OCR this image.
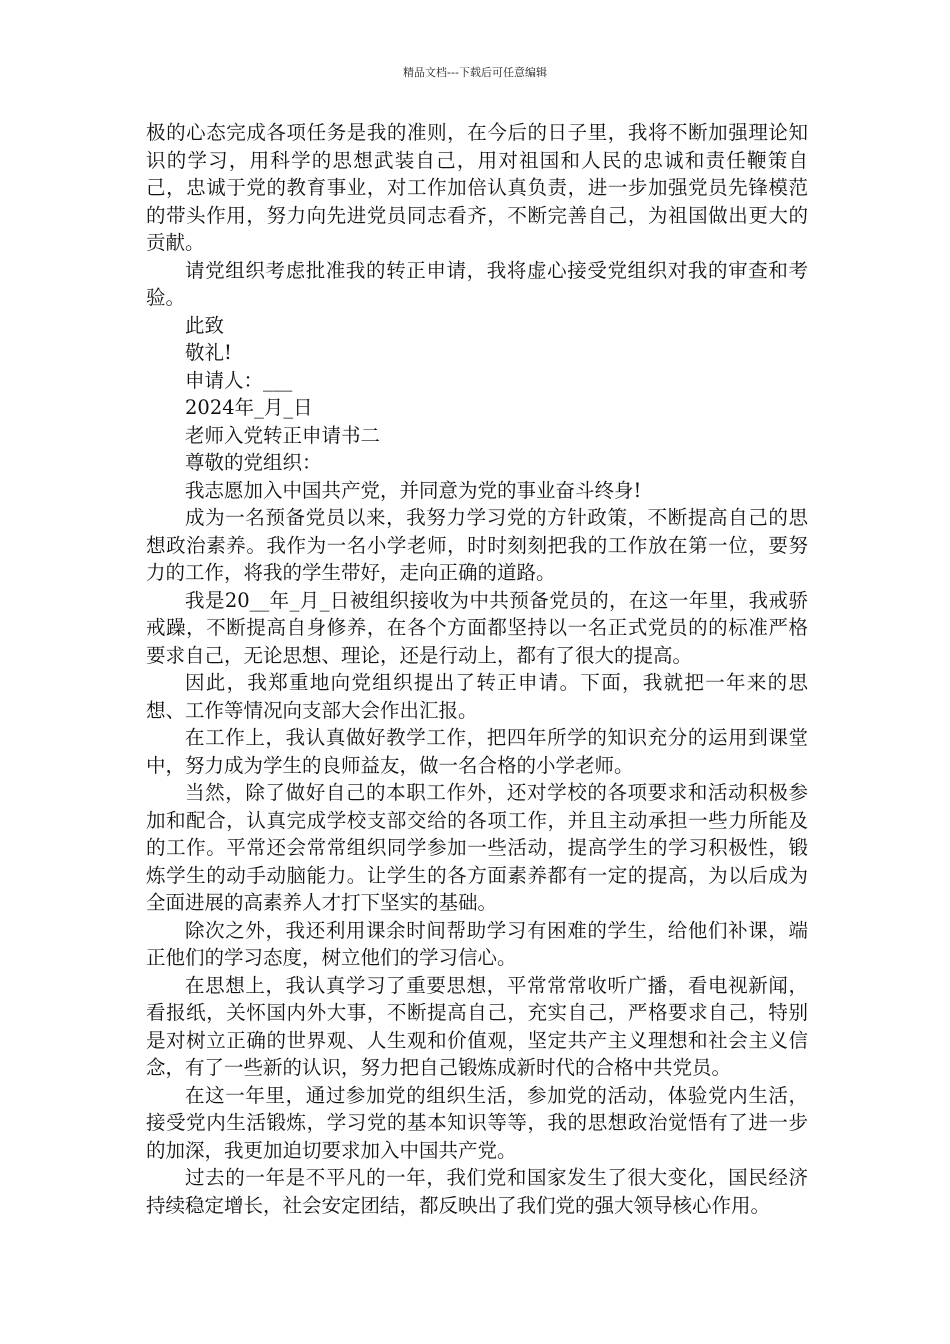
精品文档---下载后可任意编辑

极的心态完成各项任务是我的准则，在今后的日子里，我将不断加强理论知识的学习，用科学的思想武装自己，用对祖国和人民的忠诚和责任鞭策自己，忠诚于党的教育事业，对工作加倍认真负责，进一步加强党员先锋模范的带头作用，努力向先进党员同志看齐，不断完善自己，为祖国做出更大的贡献。

请党组织考虑批准我的转正申请，我将虚心接受党组织对我的审查和考验。

此致

敬礼!

申请人：___

2024年_月_日

老师入党转正申请书二

尊敬的党组织：

我志愿加入中国共产党，并同意为党的事业奋斗终身!

成为一名预备党员以来，我努力学习党的方针政策，不断提高自己的思想政治素养。我作为一名小学老师，时时刻刻把我的工作放在第一位，要努力的工作，将我的学生带好，走向正确的道路。

我是20__年_月_日被组织接收为中共预备党员的，在这一年里，我戒骄戒躁，不断提高自身修养，在各个方面都坚持以一名正式党员的的标准严格要求自己，无论思想、理论，还是行动上，都有了很大的提高。

因此，我郑重地向党组织提出了转正申请。下面，我就把一年来的思想、工作等情况向支部大会作出汇报。

在工作上，我认真做好教学工作，把四年所学的知识充分的运用到课堂中，努力成为学生的良师益友，做一名合格的小学老师。

当然，除了做好自己的本职工作外，还对学校的各项要求和活动积极参加和配合，认真完成学校支部交给的各项工作，并且主动承担一些力所能及的工作。平常还会常常组织同学参加一些活动，提高学生的学习积极性，锻炼学生的动手动脑能力。让学生的各方面素养都有一定的提高，为以后成为全面进展的高素养人才打下坚实的基础。

除次之外，我还利用课余时间帮助学习有困难的学生，给他们补课，端正他们的学习态度，树立他们的学习信心。

在思想上，我认真学习了重要思想，平常常常收听广播，看电视新闻，看报纸，关怀国内外大事，不断提高自己，充实自己，严格要求自己，特别是对树立正确的世界观、人生观和价值观，坚定共产主义理想和社会主义信念，有了一些新的认识，努力把自己锻炼成新时代的合格中共党员。

在这一年里，通过参加党的组织生活，参加党的活动，体验党内生活，接受党内生活锻炼，学习党的基本知识等等，我的思想政治觉悟有了进一步的加深，我更加迫切要求加入中国共产党。

过去的一年是不平凡的一年，我们党和国家发生了很大变化，国民经济持续稳定增长，社会安定团结，都反映出了我们党的强大领导核心作用。
